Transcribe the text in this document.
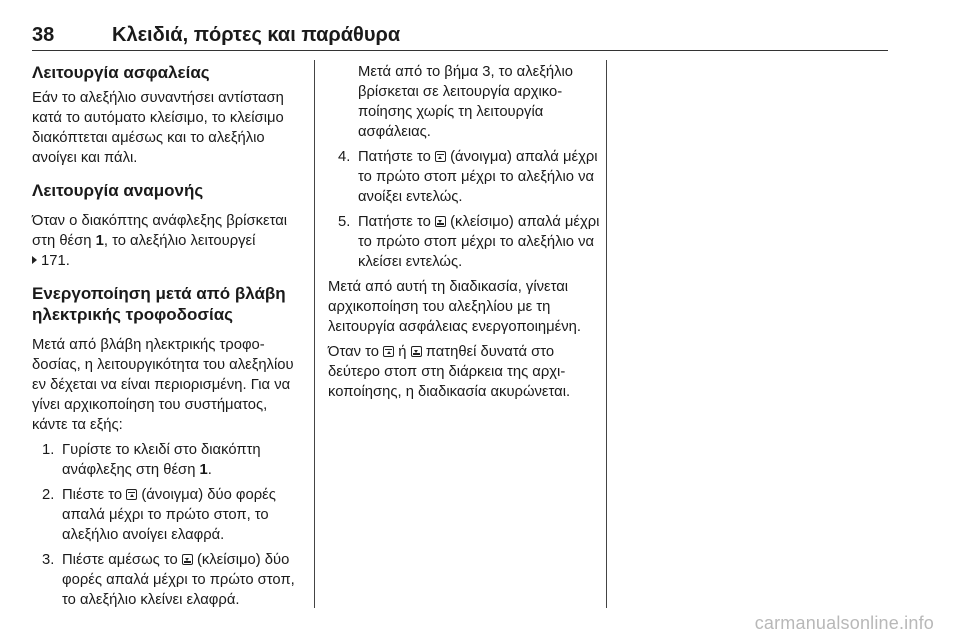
38	Κλειδιά, πόρτες και παράθυρα
Λειτουργία ασφαλείας

Εάν το αλεξήλιο συναντήσει αντίσταση κατά το αυτόματο κλείσιμο, το κλείσιμο διακόπτεται αμέσως και το αλεξήλιο ανοίγει και πάλι.

Λειτουργία αναμονής

Όταν ο διακόπτης ανάφλεξης βρίσκεται στη θέση 1, το αλεξήλιο λειτουργεί
171.

Ενεργοποίηση μετά από βλάβη ηλεκτρικής τροφοδοσίας

Μετά από βλάβη ηλεκτρικής τροφοδοσίας, η λειτουργικότητα του αλεξηλίου εν δέχεται να είναι περιορισμένη. Για να γίνει αρχικοποίηση του συστήματος, κάντε τα εξής:

1. Γυρίστε το κλειδί στο διακόπτη ανάφλεξης στη θέση 1.
2. Πιέστε το  (άνοιγμα) δύο φορές απαλά μέχρι το πρώτο στοπ, το αλεξήλιο ανοίγει ελαφρά.
3. Πιέστε αμέσως το  (κλείσιμο) δύο φορές απαλά μέχρι το πρώτο στοπ, το αλεξήλιο κλείνει ελαφρά.

Μετά από το βήμα 3, το αλεξήλιο βρίσκεται σε λειτουργία αρχικοποίησης χωρίς τη λειτουργία ασφάλειας.

4. Πατήστε το  (άνοιγμα) απαλά μέχρι το πρώτο στοπ μέχρι το αλεξήλιο να ανοίξει εντελώς.
5. Πατήστε το  (κλείσιμο) απαλά μέχρι το πρώτο στοπ μέχρι το αλεξήλιο να κλείσει εντελώς.

Μετά από αυτή τη διαδικασία, γίνεται αρχικοποίηση του αλεξηλίου με τη λειτουργία ασφάλειας ενεργοποιημένη.

Όταν το  ή  πατηθεί δυνατά στο δεύτερο στοπ στη διάρκεια της αρχικοποίησης, η διαδικασία ακυρώνεται.

carmanualsonline.info
